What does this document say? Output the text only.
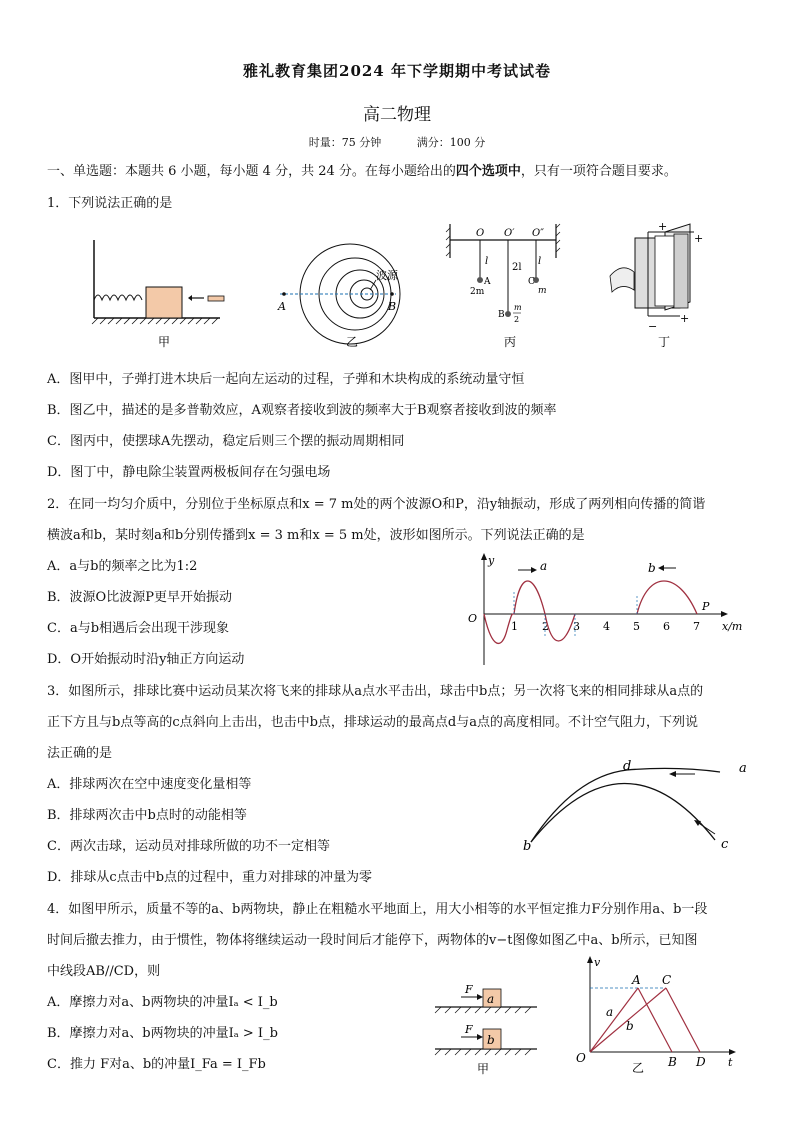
雅礼教育集团2024 年下学期期中考试试卷
高二物理
时量：75 分钟	满分：100 分
一、单选题：本题共 6 小题，每小题 4 分，共 24 分。在每小题给出的四个选项中，只有一项符合题目要求。
1．下列说法正确的是
甲
波源
A	B
乙
O O′ O″
l
2l
l
A
2m
C
m
B
m
2
丙
+
+
−
+
丁
A．图甲中，子弹打进木块后一起向左运动的过程，子弹和木块构成的系统动量守恒
B．图乙中，描述的是多普勒效应，A观察者接收到波的频率大于B观察者接收到波的频率
C．图丙中，使摆球A先摆动，稳定后则三个摆的振动周期相同
D．图丁中，静电除尘装置两极板间存在匀强电场
2．在同一均匀介质中，分别位于坐标原点和x = 7 m处的两个波源O和P，沿y轴振动，形成了两列相向传播的简谐
横波a和b，某时刻a和b分别传播到x = 3 m和x = 5 m处，波形如图所示。下列说法正确的是
A．a与b的频率之比为1:2
B．波源O比波源P更早开始振动
C．a与b相遇后会出现干涉现象
D．O开始振动时沿y轴正方向运动
y
O
x/m
1 2 3 4 5 6 7
a	b
P
3．如图所示，排球比赛中运动员某次将飞来的排球从a点水平击出，球击中b点；另一次将飞来的相同排球从a点的
正下方且与b点等高的c点斜向上击出，也击中b点，排球运动的最高点d与a点的高度相同。不计空气阻力，下列说
法正确的是
A．排球两次在空中速度变化量相等
B．排球两次击中b点时的动能相等
C．两次击球，运动员对排球所做的功不一定相等
D．排球从c点击中b点的过程中，重力对排球的冲量为零
d	a
b	c
4．如图甲所示，质量不等的a、b两物块，静止在粗糙水平地面上，用大小相等的水平恒定推力F分别作用a、b一段
时间后撤去推力，由于惯性，物体将继续运动一段时间后才能停下，两物体的v−t图像如图乙中a、b所示，已知图
中线段AB//CD，则
A．摩擦力对a、b两物块的冲量Iₐ < I_b
B．摩擦力对a、b两物块的冲量Iₐ > I_b
C．推力 F对a、b的冲量I_Fa = I_Fb
a
F
b
F
甲
v
t
O
A C
B D
a
b
乙
